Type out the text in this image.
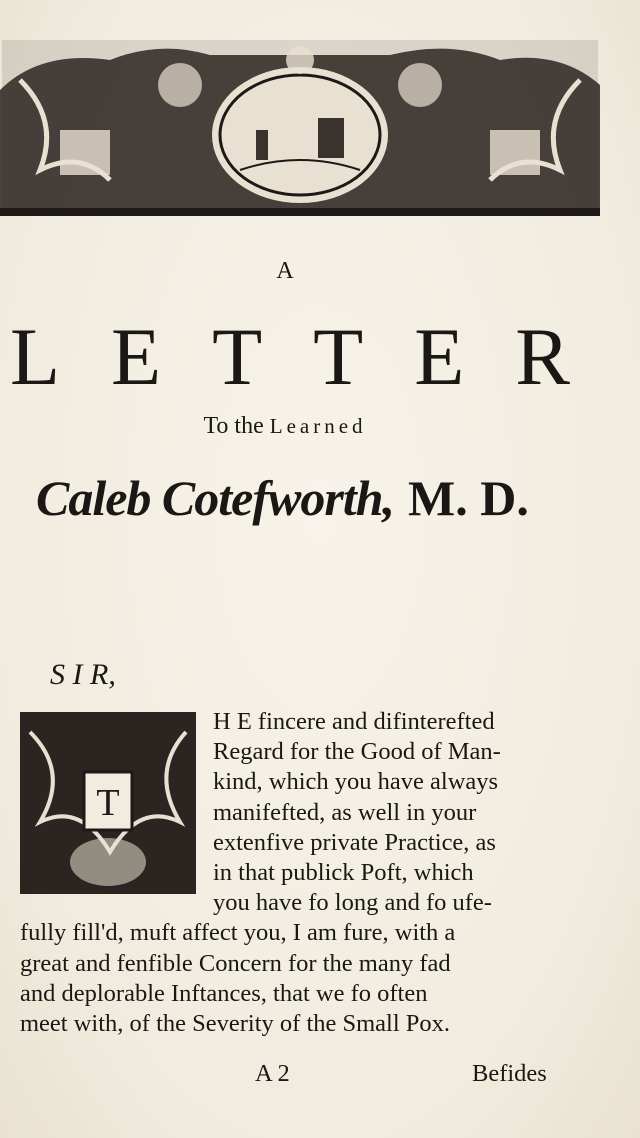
A
L E T T E R
To the Learned
Caleb Cotefworth, M. D.
S I R,
T
H E fincere and difinterefted
Regard for the Good of Man-
kind, which you have always
manifefted, as well in your
extenfive private Practice, as
in that publick Poft, which
you have fo long and fo ufe-
fully fill'd, muft affect you, I am fure, with a
great and fenfible Concern for the many fad
and deplorable Inftances, that we fo often
meet with, of the Severity of the Small Pox.
A 2	Befides
